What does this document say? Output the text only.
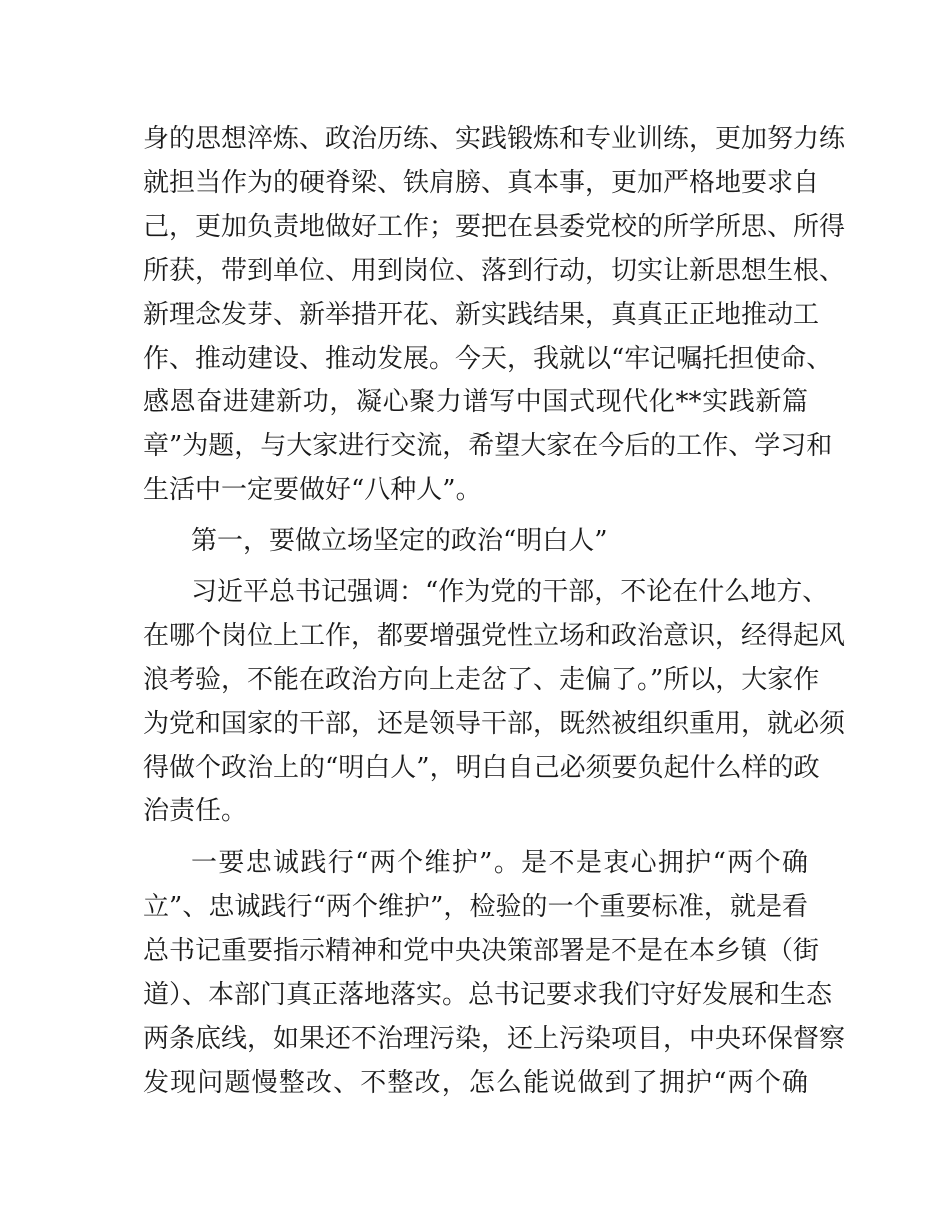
身的思想淬炼、政治历练、实践锻炼和专业训练，更加努力练
就担当作为的硬脊梁、铁肩膀、真本事，更加严格地要求自
己，更加负责地做好工作；要把在县委党校的所学所思、所得
所获，带到单位、用到岗位、落到行动，切实让新思想生根、
新理念发芽、新举措开花、新实践结果，真真正正地推动工
作、推动建设、推动发展。今天，我就以“牢记嘱托担使命、
感恩奋进建新功，凝心聚力谱写中国式现代化**实践新篇
章”为题，与大家进行交流，希望大家在今后的工作、学习和
生活中一定要做好“八种人”。
第一，要做立场坚定的政治“明白人”
习近平总书记强调：“作为党的干部，不论在什么地方、
在哪个岗位上工作，都要增强党性立场和政治意识，经得起风
浪考验，不能在政治方向上走岔了、走偏了。”所以，大家作
为党和国家的干部，还是领导干部，既然被组织重用，就必须
得做个政治上的“明白人”，明白自己必须要负起什么样的政
治责任。
一要忠诚践行“两个维护”。是不是衷心拥护“两个确
立”、忠诚践行“两个维护”，检验的一个重要标准，就是看
总书记重要指示精神和党中央决策部署是不是在本乡镇（街
道）、本部门真正落地落实。总书记要求我们守好发展和生态
两条底线，如果还不治理污染，还上污染项目，中央环保督察
发现问题慢整改、不整改，怎么能说做到了拥护“两个确
